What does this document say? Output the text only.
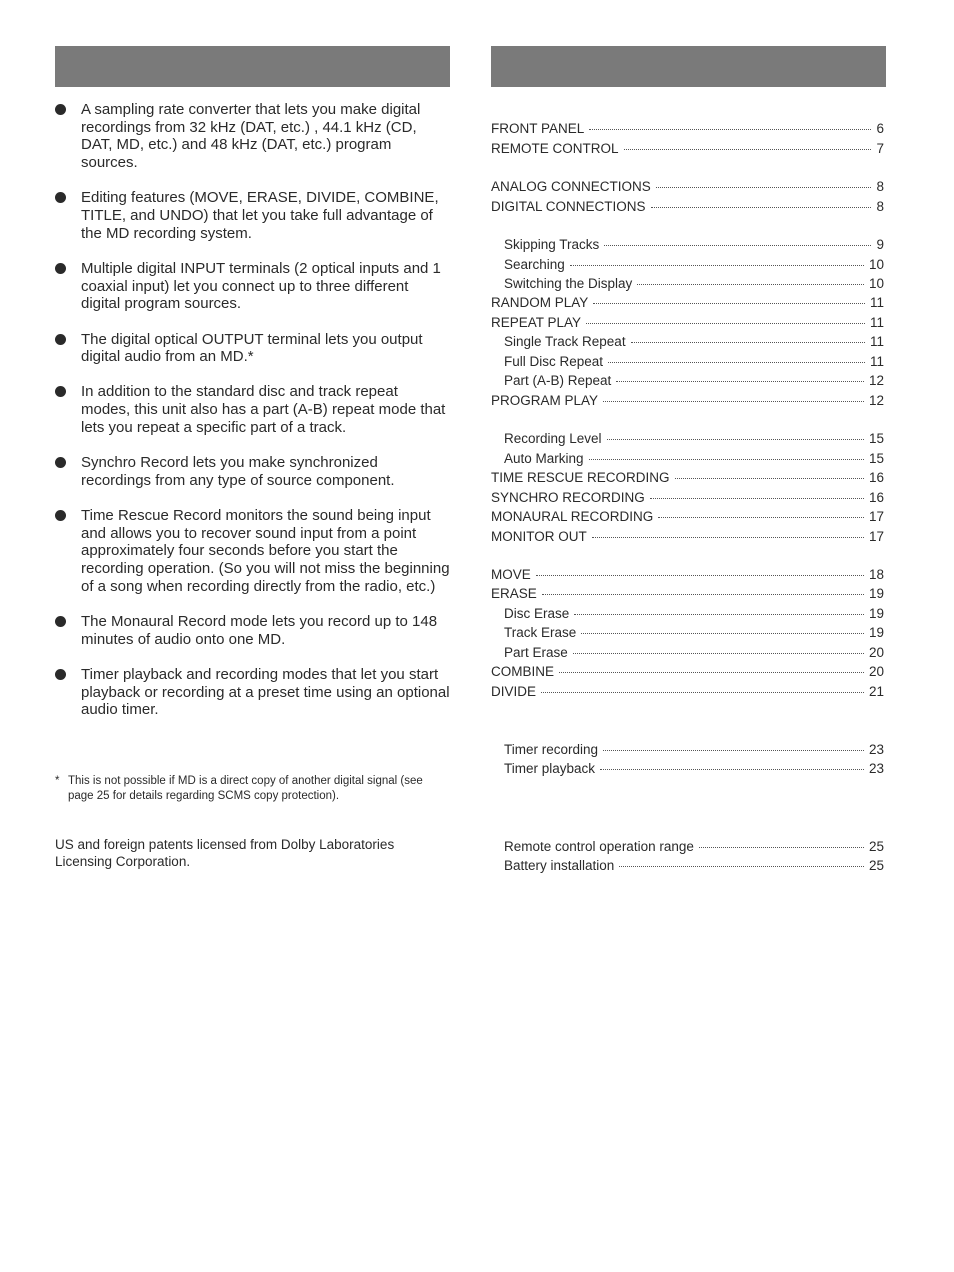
A sampling rate converter that lets you make digital recordings from 32 kHz (DAT, etc.) , 44.1 kHz (CD, DAT, MD, etc.) and 48 kHz (DAT, etc.) program sources.
Editing features (MOVE, ERASE, DIVIDE, COMBINE, TITLE, and UNDO) that let you take full advantage of the MD recording system.
Multiple digital INPUT terminals (2 optical inputs and 1 coaxial input) let you connect up to three different digital program sources.
The digital optical OUTPUT terminal lets you output digital audio from an MD.*
In addition to the standard disc and track repeat modes, this unit also has a part (A-B) repeat mode that lets you repeat a specific part of a track.
Synchro Record lets you make synchronized recordings from any type of source component.
Time Rescue Record monitors the sound being input and allows you to recover sound input from a point approximately four seconds before you start the recording operation. (So you will not miss the beginning of a song when recording directly from the radio, etc.)
The Monaural Record mode lets you record up to 148 minutes of audio onto one MD.
Timer playback and recording modes that let you start playback or recording at a preset time using an optional audio timer.
* This is not possible if MD is a direct copy of another digital signal (see page 25 for details regarding SCMS copy protection).
US and foreign patents licensed from Dolby Laboratories Licensing Corporation.
FRONT PANEL	6
REMOTE CONTROL	7
ANALOG CONNECTIONS	8
DIGITAL CONNECTIONS	8
Skipping Tracks	9
Searching	10
Switching the Display	10
RANDOM PLAY	11
REPEAT PLAY	11
Single Track Repeat	11
Full Disc Repeat	11
Part (A-B) Repeat	12
PROGRAM PLAY	12
Recording Level	15
Auto Marking	15
TIME RESCUE RECORDING	16
SYNCHRO RECORDING	16
MONAURAL RECORDING	17
MONITOR OUT	17
MOVE	18
ERASE	19
Disc Erase	19
Track Erase	19
Part Erase	20
COMBINE	20
DIVIDE	21
Timer recording	23
Timer playback	23
Remote control operation range	25
Battery installation	25
